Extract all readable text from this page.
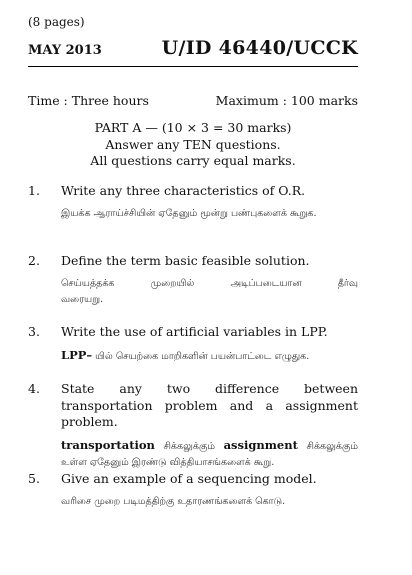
(8 pages)
MAY 2013	U/ID 46440/UCCK
Time : Three hours	Maximum : 100 marks
PART A — (10 × 3 = 30 marks)
Answer any TEN questions.
All questions carry equal marks.
1. Write any three characteristics of O.R.
இயக்க ஆராய்ச்சியின் ஏதேனும் மூன்று பண்புகளைக் கூறுக.
2. Define the term basic feasible solution.
செய்யத்தக்க முறையில் அடிப்படையான தீர்வு
வரையறு.
3. Write the use of artificial variables in LPP.
LPP– யில் செயற்கை மாறிகளின் பயன்பாட்டை எழுதுக.
4. State any two difference between transportation problem and a assignment problem.
transportation சிக்கலுக்கும் assignment சிக்கலுக்கும் உள்ள ஏதேனும் இரண்டு வித்தியாசங்களைக் கூறு.
5. Give an example of a sequencing model.
வரிசை முறை படிமத்திற்கு உதாரணங்களைக் கொடு.
